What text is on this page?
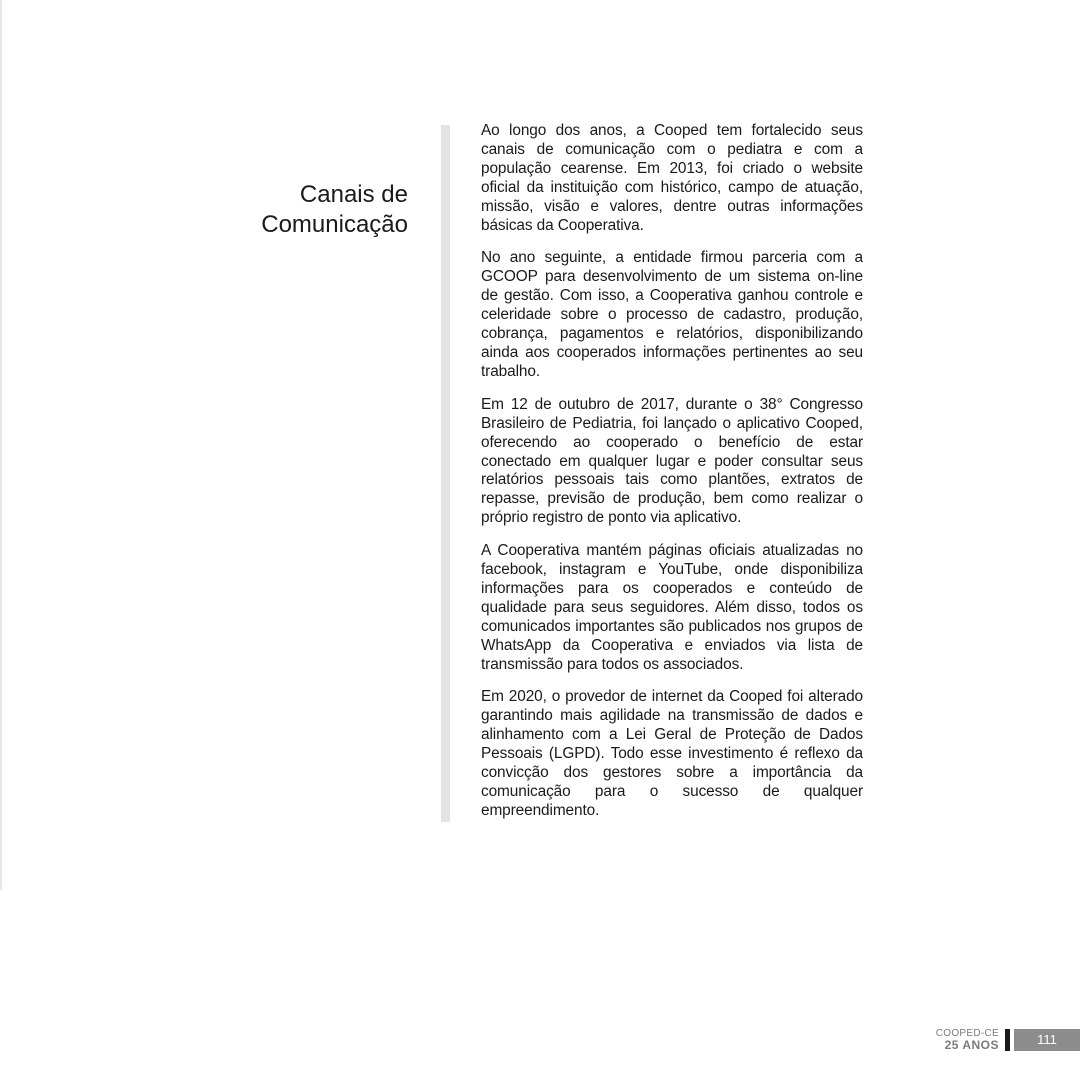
Canais de
Comunicação

Ao longo dos anos, a Cooped tem fortalecido seus canais de comunicação com o pediatra e com a população cearense. Em 2013, foi criado o website oficial da instituição com histórico, campo de atuação, missão, visão e valores, dentre outras informações básicas da Cooperativa.

No ano seguinte, a entidade firmou parceria com a GCOOP para desenvolvimento de um sistema on-line de gestão. Com isso, a Cooperativa ganhou controle e celeridade sobre o processo de cadastro, produção, cobrança, pagamentos e relatórios, disponibilizando ainda aos cooperados informações pertinentes ao seu trabalho.

Em 12 de outubro de 2017, durante o 38° Congresso Brasileiro de Pediatria, foi lançado o aplicativo Cooped, oferecendo ao cooperado o benefício de estar conectado em qualquer lugar e poder consultar seus relatórios pessoais tais como plantões, extratos de repasse, previsão de produção, bem como realizar o próprio registro de ponto via aplicativo.

A Cooperativa mantém páginas oficiais atualizadas no facebook, instagram e YouTube, onde disponibiliza informações para os cooperados e conteúdo de qualidade para seus seguidores. Além disso, todos os comunicados importantes são publicados nos grupos de WhatsApp da Cooperativa e enviados via lista de transmissão para todos os associados.

Em 2020, o provedor de internet da Cooped foi alterado garantindo mais agilidade na transmissão de dados e alinhamento com a Lei Geral de Proteção de Dados Pessoais (LGPD). Todo esse investimento é reflexo da convicção dos gestores sobre a importância da comunicação para o sucesso de qualquer empreendimento.

COOPED-CE
25 ANOS	111
